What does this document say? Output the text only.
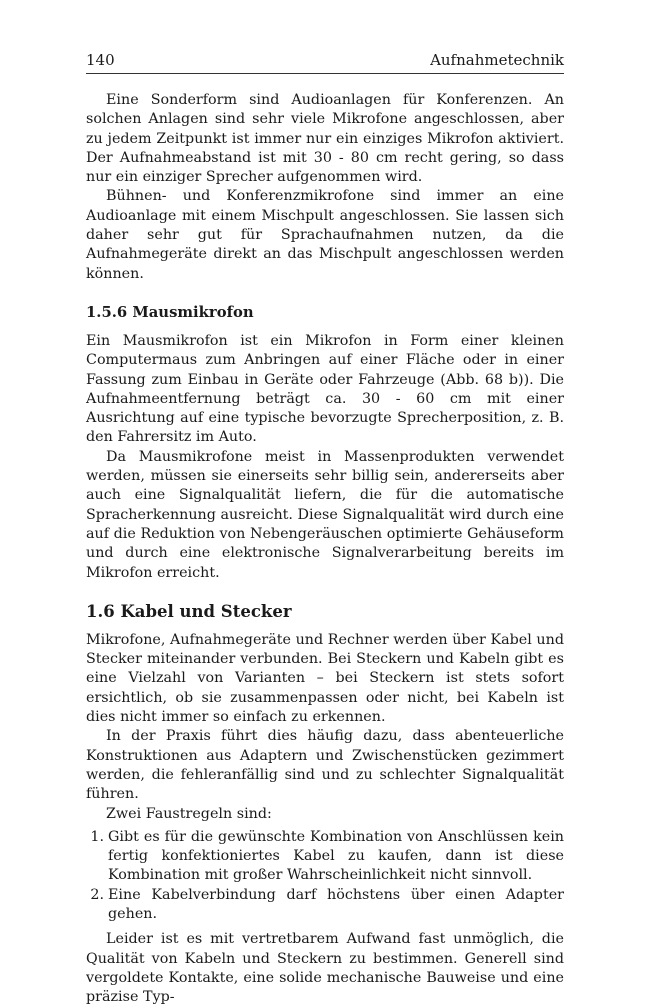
140	Aufnahmetechnik

Eine Sonderform sind Audioanlagen für Konferenzen. An solchen Anlagen sind sehr viele Mikrofone angeschlossen, aber zu jedem Zeitpunkt ist immer nur ein einziges Mikrofon aktiviert. Der Aufnahmeabstand ist mit 30 - 80 cm recht gering, so dass nur ein einziger Sprecher aufgenommen wird.

Bühnen- und Konferenzmikrofone sind immer an eine Audioanlage mit einem Mischpult angeschlossen. Sie lassen sich daher sehr gut für Sprachaufnahmen nutzen, da die Aufnahmegeräte direkt an das Mischpult angeschlossen werden können.

1.5.6 Mausmikrofon

Ein Mausmikrofon ist ein Mikrofon in Form einer kleinen Computermaus zum Anbringen auf einer Fläche oder in einer Fassung zum Einbau in Geräte oder Fahrzeuge (Abb. 68 b)). Die Aufnahmeentfernung beträgt ca. 30 - 60 cm mit einer Ausrichtung auf eine typische bevorzugte Sprecherposition, z. B. den Fahrersitz im Auto.

Da Mausmikrofone meist in Massenprodukten verwendet werden, müssen sie einerseits sehr billig sein, andererseits aber auch eine Signalqualität liefern, die für die automatische Spracherkennung ausreicht. Diese Signalqualität wird durch eine auf die Reduktion von Nebengeräuschen optimierte Gehäuseform und durch eine elektronische Signalverarbeitung bereits im Mikrofon erreicht.

1.6 Kabel und Stecker

Mikrofone, Aufnahmegeräte und Rechner werden über Kabel und Stecker miteinander verbunden. Bei Steckern und Kabeln gibt es eine Vielzahl von Varianten – bei Steckern ist stets sofort ersichtlich, ob sie zusammenpassen oder nicht, bei Kabeln ist dies nicht immer so einfach zu erkennen.

In der Praxis führt dies häufig dazu, dass abenteuerliche Konstruktionen aus Adaptern und Zwischenstücken gezimmert werden, die fehleranfällig sind und zu schlechter Signalqualität führen.

Zwei Faustregeln sind:

1. Gibt es für die gewünschte Kombination von Anschlüssen kein fertig konfektioniertes Kabel zu kaufen, dann ist diese Kombination mit großer Wahrscheinlichkeit nicht sinnvoll.
2. Eine Kabelverbindung darf höchstens über einen Adapter gehen.

Leider ist es mit vertretbarem Aufwand fast unmöglich, die Qualität von Kabeln und Steckern zu bestimmen. Generell sind vergoldete Kontakte, eine solide mechanische Bauweise und eine präzise Typ-
